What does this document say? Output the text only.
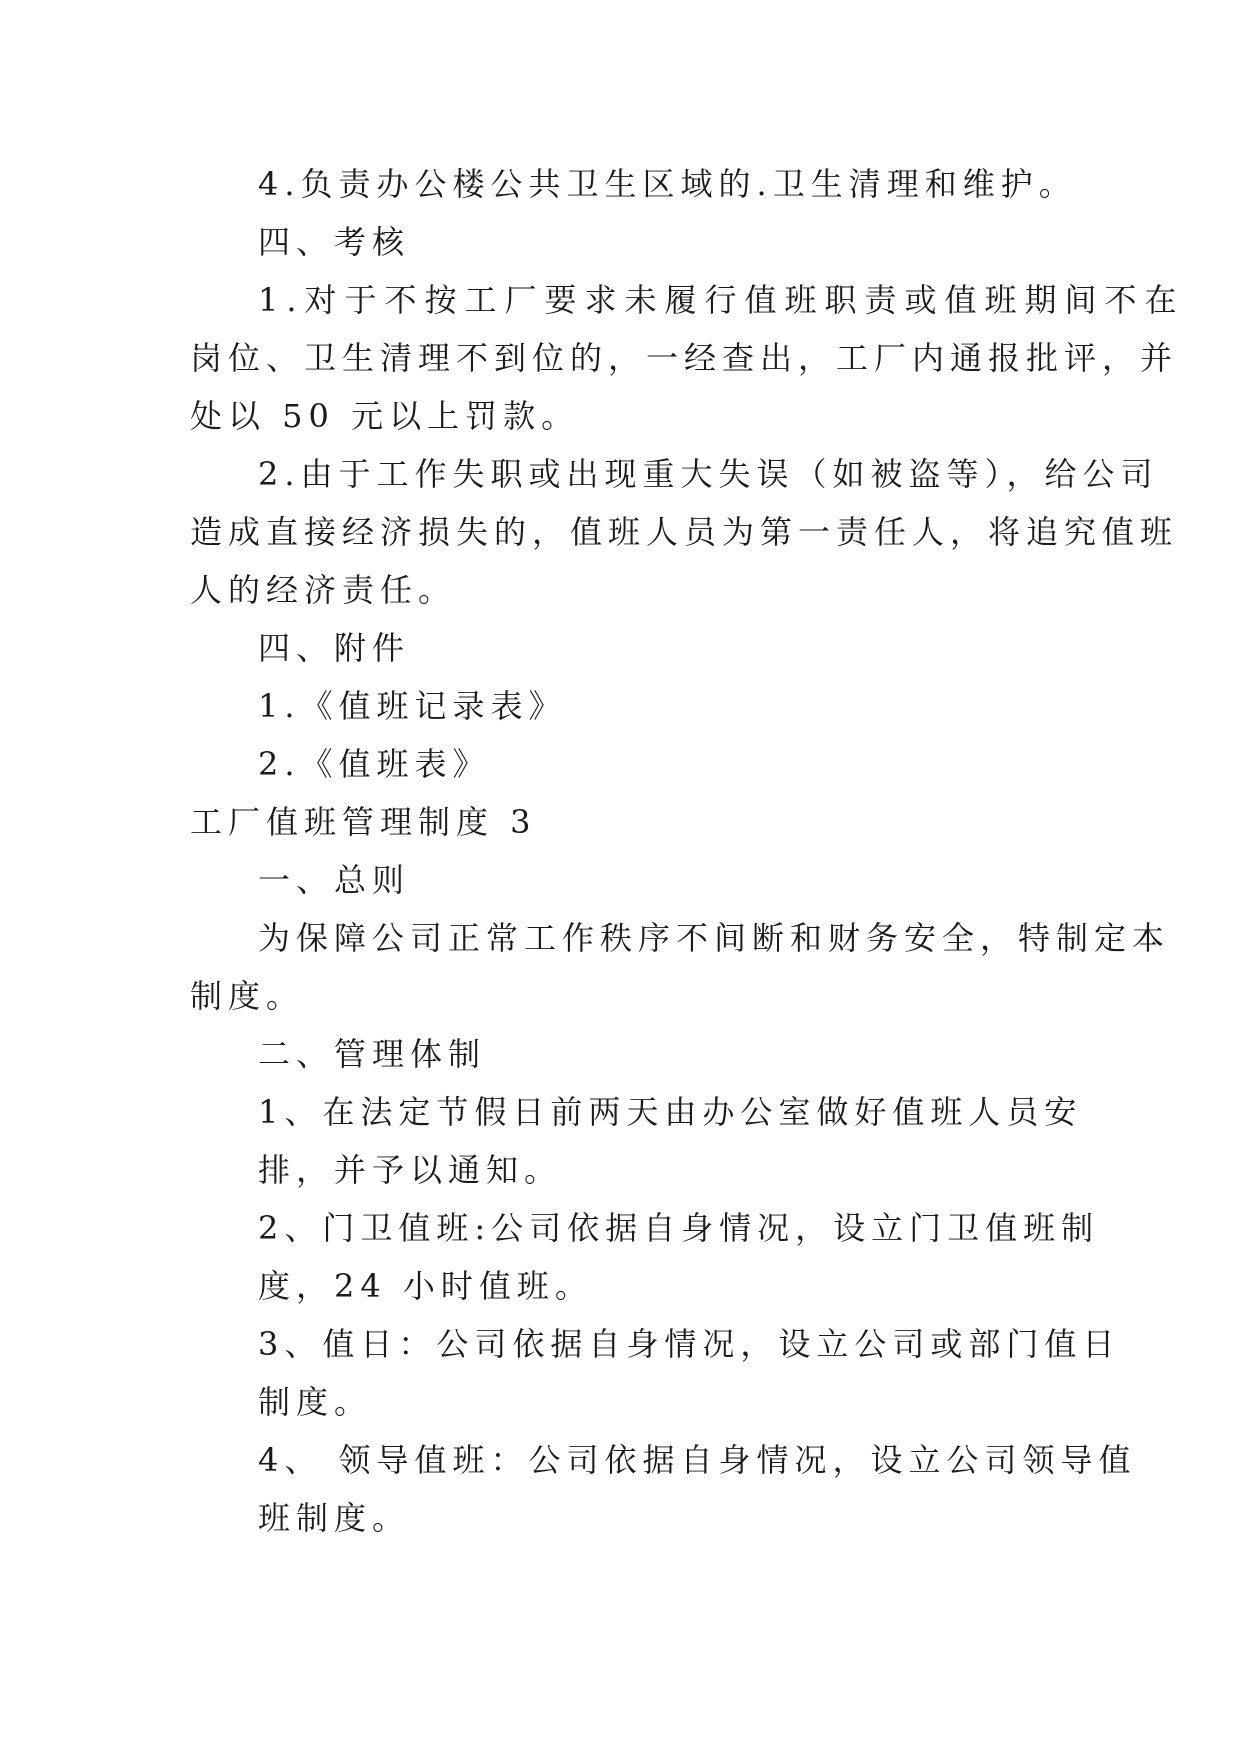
4.负责办公楼公共卫生区域的.卫生清理和维护。
四、考核
1.对于不按工厂要求未履行值班职责或值班期间不在
岗位、卫生清理不到位的，一经查出，工厂内通报批评，并
处以 50 元以上罚款。
2.由于工作失职或出现重大失误（如被盗等），给公司
造成直接经济损失的，值班人员为第一责任人，将追究值班
人的经济责任。
四、附件
1.《值班记录表》
2.《值班表》
工厂值班管理制度 3
一、总则
为保障公司正常工作秩序不间断和财务安全，特制定本
制度。
二、管理体制
1、在法定节假日前两天由办公室做好值班人员安
排，并予以通知。
2、门卫值班:公司依据自身情况，设立门卫值班制
度，24 小时值班。
3、值日：公司依据自身情况，设立公司或部门值日
制度。
4、 领导值班：公司依据自身情况，设立公司领导值
班制度。
